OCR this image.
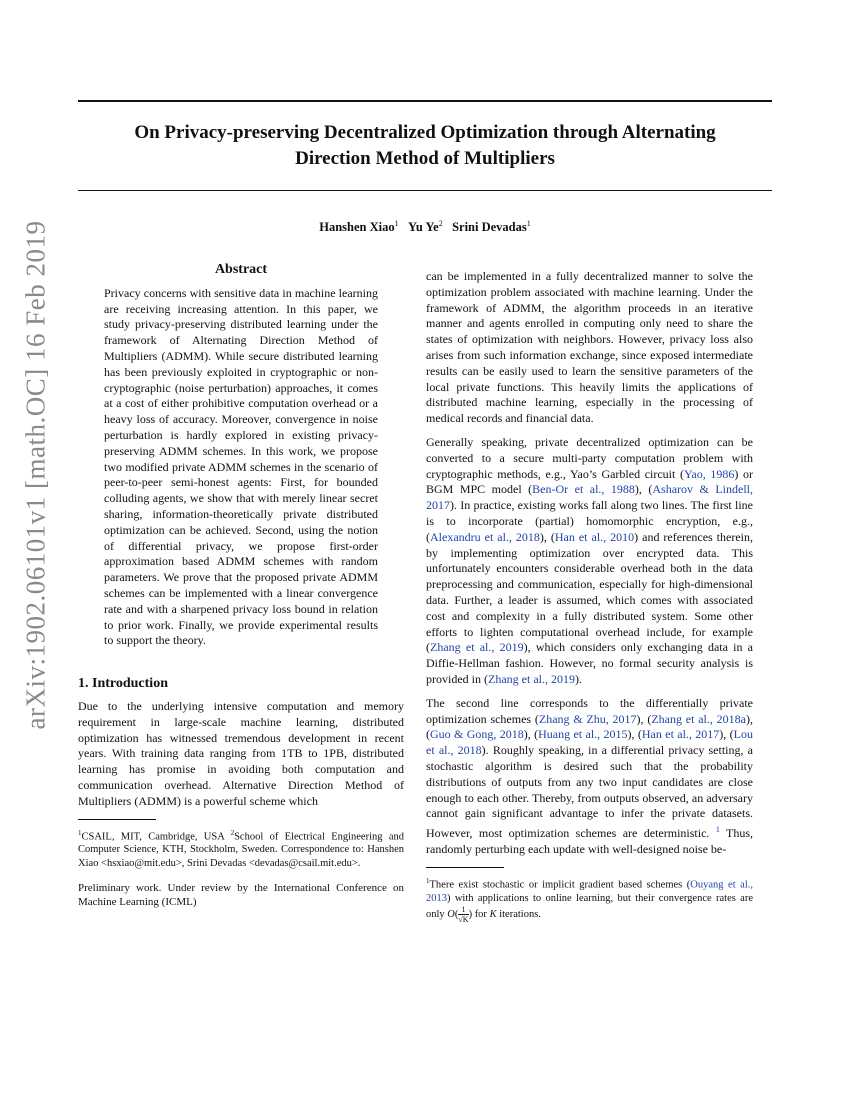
On Privacy-preserving Decentralized Optimization through Alternating
Direction Method of Multipliers

Hanshen Xiao$^1$ Yu Ye$^2$ Srini Devadas$^1$

arXiv:1902.06101v1 [math.OC] 16 Feb 2019	Abstract

Privacy concerns with sensitive data in machine learning are receiving increasing attention. In this paper, we study privacy-preserving distributed learning under the framework of Alternating Direction Method of Multipliers (ADMM). While secure distributed learning has been previously exploited in cryptographic or non-cryptographic (noise perturbation) approaches, it comes at a cost of either prohibitive computation overhead or a heavy loss of accuracy. Moreover, convergence in noise perturbation is hardly explored in existing privacy-preserving ADMM schemes. In this work, we propose two modified private ADMM schemes in the scenario of peer-to-peer semi-honest agents: First, for bounded colluding agents, we show that with merely linear secret sharing, information-theoretically private distributed optimization can be achieved. Second, using the notion of differential privacy, we propose first-order approximation based ADMM schemes with random parameters. We prove that the proposed private ADMM schemes can be implemented with a linear convergence rate and with a sharpened privacy loss bound in relation to prior work. Finally, we provide experimental results to support the theory.

1. Introduction

Due to the underlying intensive computation and memory requirement in large-scale machine learning, distributed optimization has witnessed tremendous development in recent years. With training data ranging from 1TB to 1PB, distributed learning has promise in avoiding both computation and communication overhead. Alternative Direction Method of Multipliers (ADMM) is a powerful scheme which

$^1$CSAIL, MIT, Cambridge, USA $^2$School of Electrical Engineering and Computer Science, KTH, Stockholm, Sweden. Correspondence to: Hanshen Xiao <hsxiao@mit.edu>, Srini Devadas <devadas@csail.mit.edu>.

Preliminary work. Under review by the International Conference on Machine Learning (ICML)

can be implemented in a fully decentralized manner to solve the optimization problem associated with machine learning. Under the framework of ADMM, the algorithm proceeds in an iterative manner and agents enrolled in computing only need to share the states of optimization with neighbors. However, privacy loss also arises from such information exchange, since exposed intermediate results can be easily used to learn the sensitive parameters of the local private functions. This heavily limits the applications of distributed machine learning, especially in the processing of medical records and financial data.

Generally speaking, private decentralized optimization can be converted to a secure multi-party computation problem with cryptographic methods, e.g., Yao’s Garbled circuit (Yao, 1986) or BGM MPC model (Ben-Or et al., 1988), (Asharov & Lindell, 2017). In practice, existing works fall along two lines. The first line is to incorporate (partial) homomorphic encryption, e.g., (Alexandru et al., 2018), (Han et al., 2010) and references therein, by implementing optimization over encrypted data. This unfortunately encounters considerable overhead both in the data preprocessing and communication, especially for high-dimensional data. Further, a leader is assumed, which comes with associated cost and complexity in a fully distributed system. Some other efforts to lighten computational overhead include, for example (Zhang et al., 2019), which considers only exchanging data in a Diffie-Hellman fashion. However, no formal security analysis is provided in (Zhang et al., 2019).

The second line corresponds to the differentially private optimization schemes (Zhang & Zhu, 2017), (Zhang et al., 2018a), (Guo & Gong, 2018), (Huang et al., 2015), (Han et al., 2017), (Lou et al., 2018). Roughly speaking, in a differential privacy setting, a stochastic algorithm is desired such that the probability distributions of outputs from any two input candidates are close enough to each other. Thereby, from outputs observed, an adversary cannot gain significant advantage to infer the private datasets. However, most optimization schemes are deterministic. $^1$ Thus, randomly perturbing each update with well-designed noise be-

$^1$There exist stochastic or implicit gradient based schemes (Ouyang et al., 2013) with applications to online learning, but their convergence rates are only $O( \frac{1}{√K}$ ) for K iterations.
